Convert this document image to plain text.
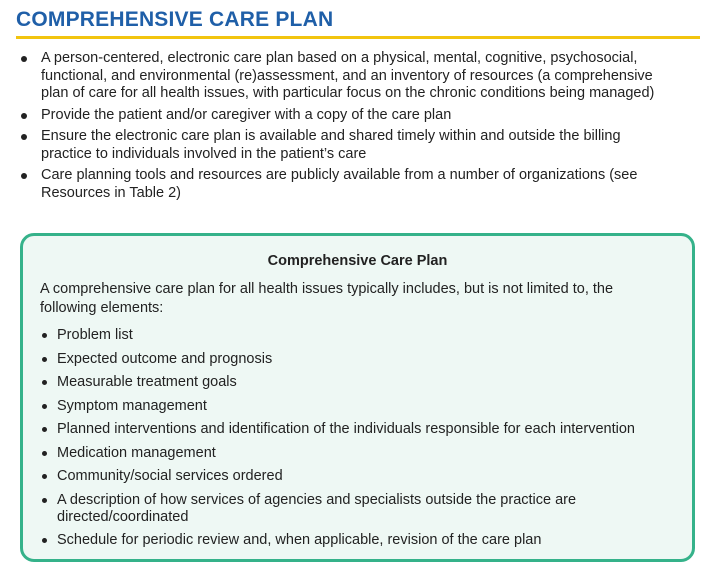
COMPREHENSIVE CARE PLAN
A person-centered, electronic care plan based on a physical, mental, cognitive, psychosocial, functional, and environmental (re)assessment, and an inventory of resources (a comprehensive plan of care for all health issues, with particular focus on the chronic conditions being managed)
Provide the patient and/or caregiver with a copy of the care plan
Ensure the electronic care plan is available and shared timely within and outside the billing practice to individuals involved in the patient’s care
Care planning tools and resources are publicly available from a number of organizations (see Resources in Table 2)
Comprehensive Care Plan
A comprehensive care plan for all health issues typically includes, but is not limited to, the following elements:
Problem list
Expected outcome and prognosis
Measurable treatment goals
Symptom management
Planned interventions and identification of the individuals responsible for each intervention
Medication management
Community/social services ordered
A description of how services of agencies and specialists outside the practice are directed/coordinated
Schedule for periodic review and, when applicable, revision of the care plan
